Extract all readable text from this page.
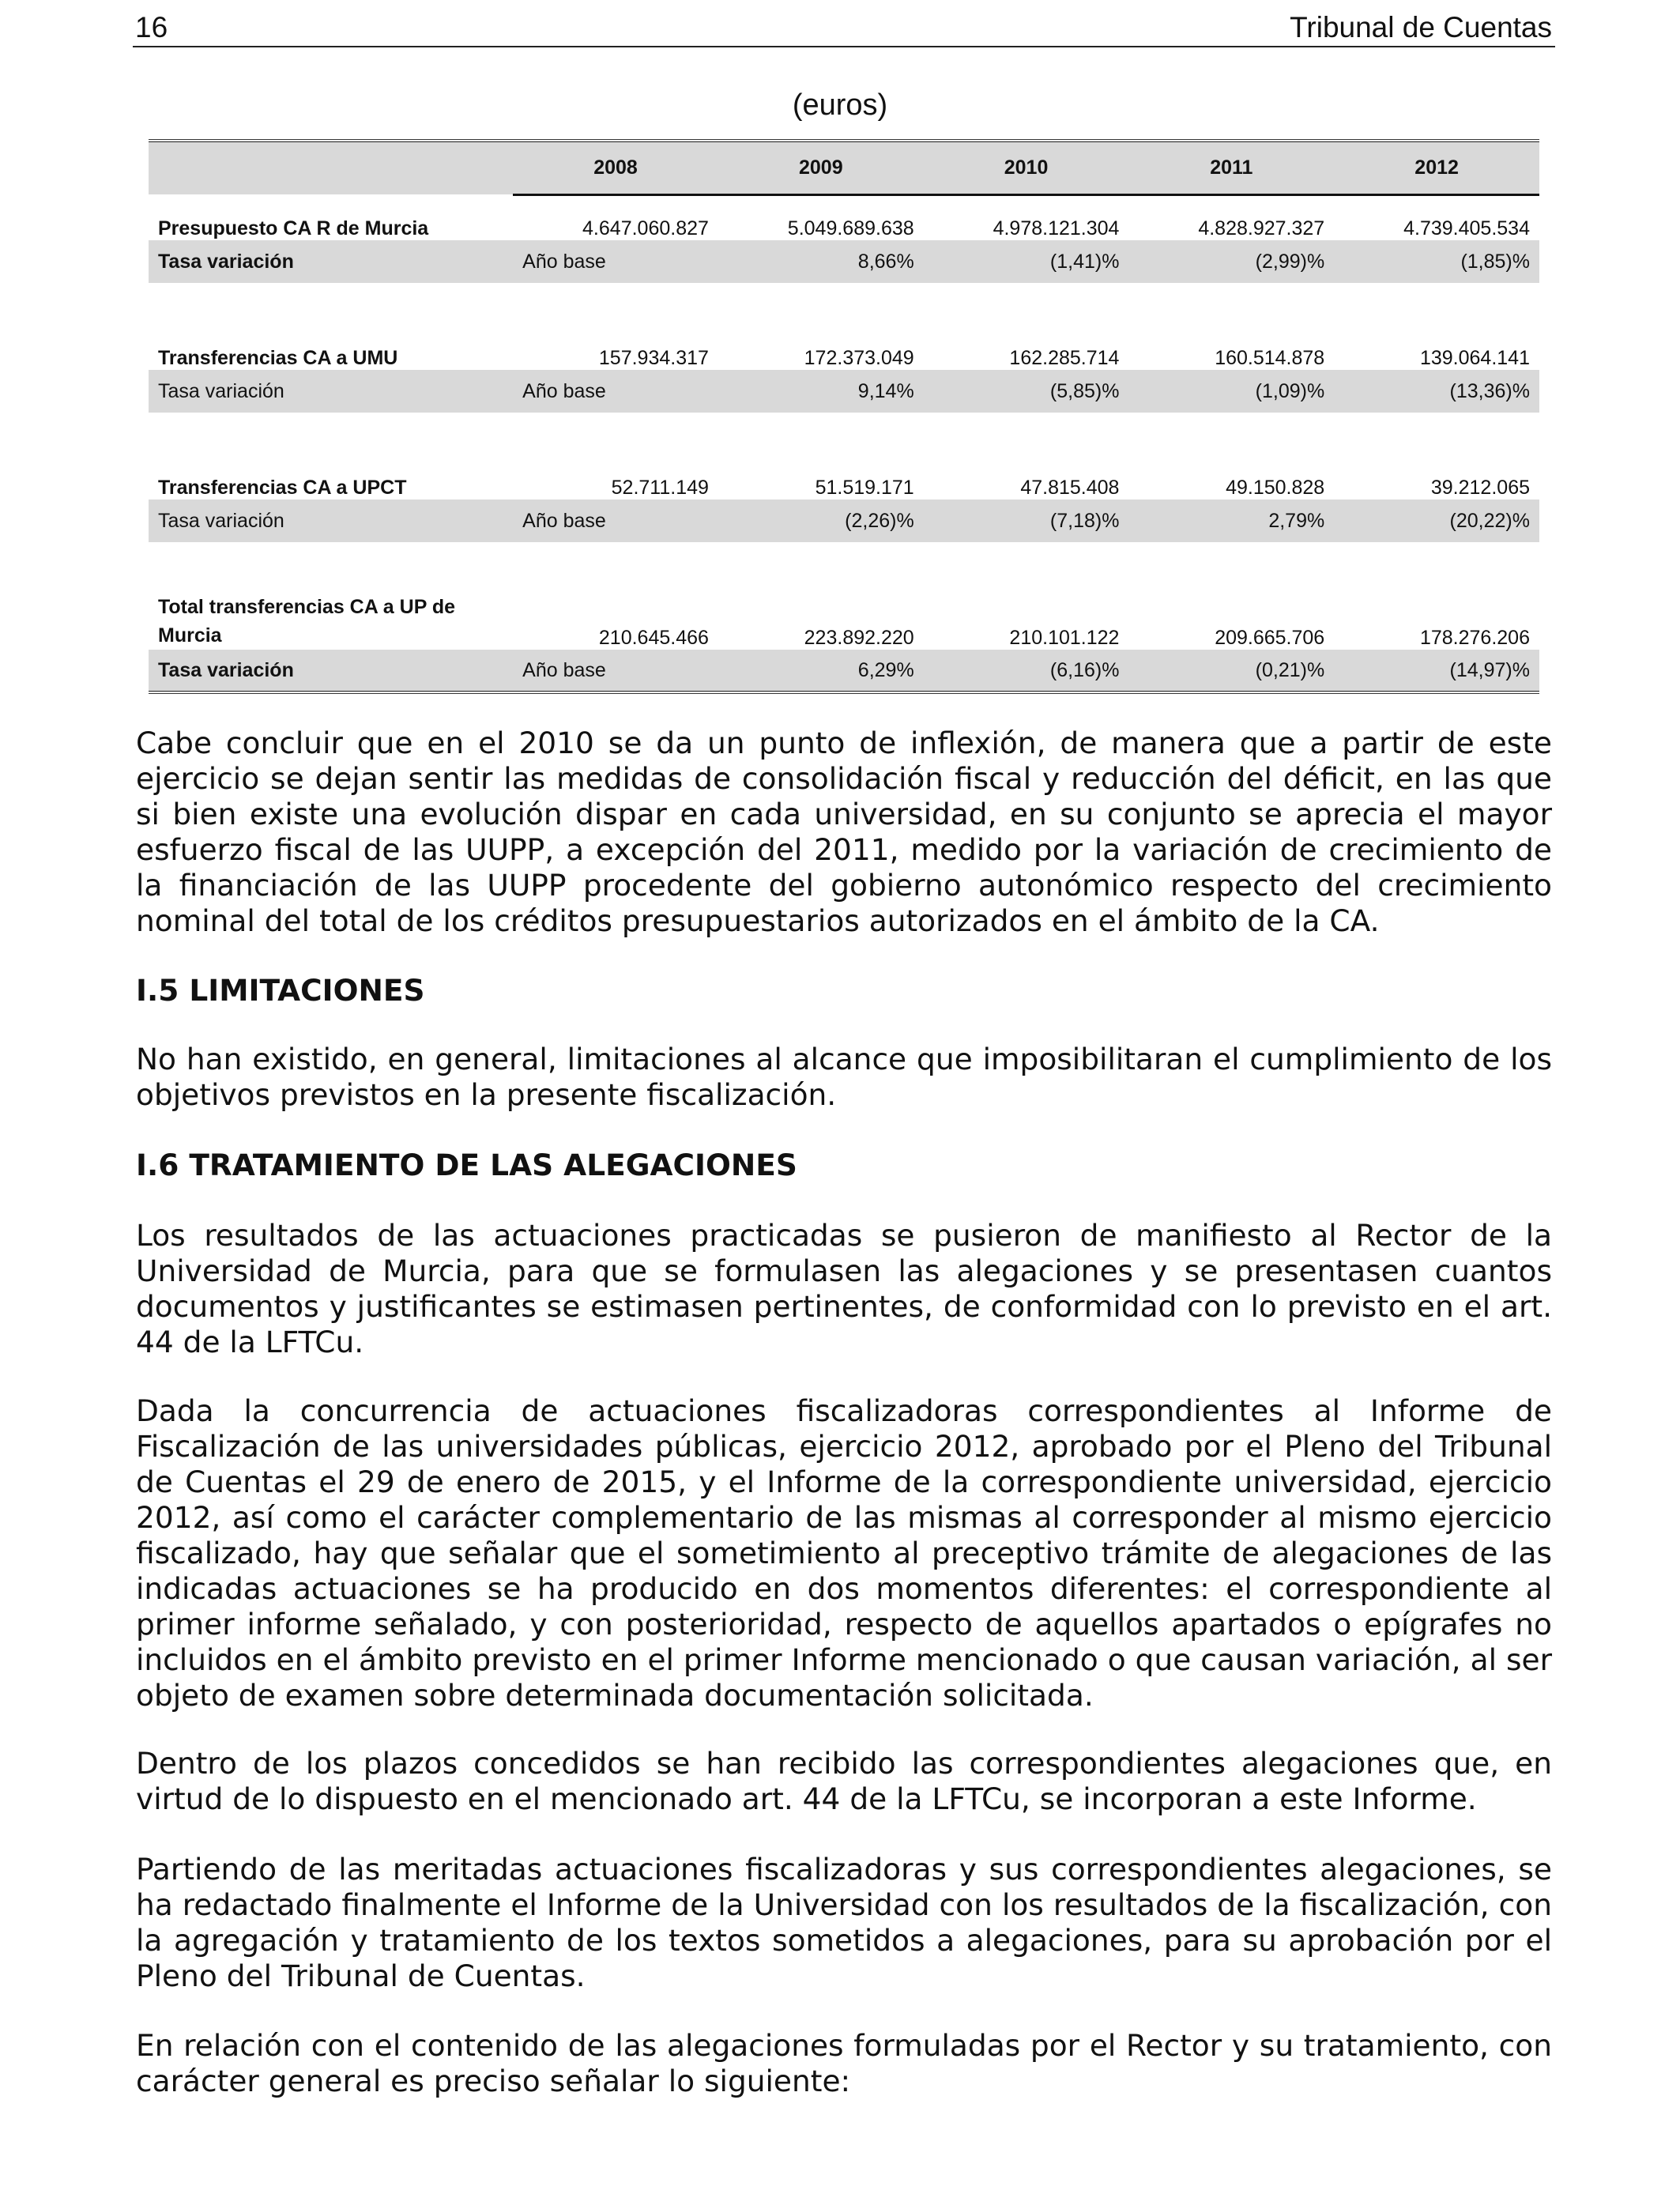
16	Tribunal de Cuentas
(euros)
	2008	2009	2010	2011	2012
Presupuesto CA R de Murcia	4.647.060.827	5.049.689.638	4.978.121.304	4.828.927.327	4.739.405.534
Tasa variación	Año base	8,66%	(1,41)%	(2,99)%	(1,85)%

Transferencias CA a UMU	157.934.317	172.373.049	162.285.714	160.514.878	139.064.141
Tasa variación	Año base	9,14%	(5,85)%	(1,09)%	(13,36)%

Transferencias CA a UPCT	52.711.149	51.519.171	47.815.408	49.150.828	39.212.065
Tasa variación	Año base	(2,26)%	(7,18)%	2,79%	(20,22)%

Total transferencias CA a UP de Murcia	210.645.466	223.892.220	210.101.122	209.665.706	178.276.206
Tasa variación	Año base	6,29%	(6,16)%	(0,21)%	(14,97)%

Cabe concluir que en el 2010 se da un punto de inflexión, de manera que a partir de este ejercicio se dejan sentir las medidas de consolidación fiscal y reducción del déficit, en las que si bien existe una evolución dispar en cada universidad, en su conjunto se aprecia el mayor esfuerzo fiscal de las UUPP, a excepción del 2011, medido por la variación de crecimiento de la financiación de las UUPP procedente del gobierno autonómico respecto del crecimiento nominal del total de los créditos presupuestarios autorizados en el ámbito de la CA.

I.5 LIMITACIONES

No han existido, en general, limitaciones al alcance que imposibilitaran el cumplimiento de los objetivos previstos en la presente fiscalización.

I.6 TRATAMIENTO DE LAS ALEGACIONES

Los resultados de las actuaciones practicadas se pusieron de manifiesto al Rector de la Universidad de Murcia, para que se formulasen las alegaciones y se presentasen cuantos documentos y justificantes se estimasen pertinentes, de conformidad con lo previsto en el art. 44 de la LFTCu.

Dada la concurrencia de actuaciones fiscalizadoras correspondientes al Informe de Fiscalización de las universidades públicas, ejercicio 2012, aprobado por el Pleno del Tribunal de Cuentas el 29 de enero de 2015, y el Informe de la correspondiente universidad, ejercicio 2012, así como el carácter complementario de las mismas al corresponder al mismo ejercicio fiscalizado, hay que señalar que el sometimiento al preceptivo trámite de alegaciones de las indicadas actuaciones se ha producido en dos momentos diferentes: el correspondiente al primer informe señalado, y con posterioridad, respecto de aquellos apartados o epígrafes no incluidos en el ámbito previsto en el primer Informe mencionado o que causan variación, al ser objeto de examen sobre determinada documentación solicitada.

Dentro de los plazos concedidos se han recibido las correspondientes alegaciones que, en virtud de lo dispuesto en el mencionado art. 44 de la LFTCu, se incorporan a este Informe.

Partiendo de las meritadas actuaciones fiscalizadoras y sus correspondientes alegaciones, se ha redactado finalmente el Informe de la Universidad con los resultados de la fiscalización, con la agregación y tratamiento de los textos sometidos a alegaciones, para su aprobación por el Pleno del Tribunal de Cuentas.

En relación con el contenido de las alegaciones formuladas por el Rector y su tratamiento, con carácter general es preciso señalar lo siguiente:
